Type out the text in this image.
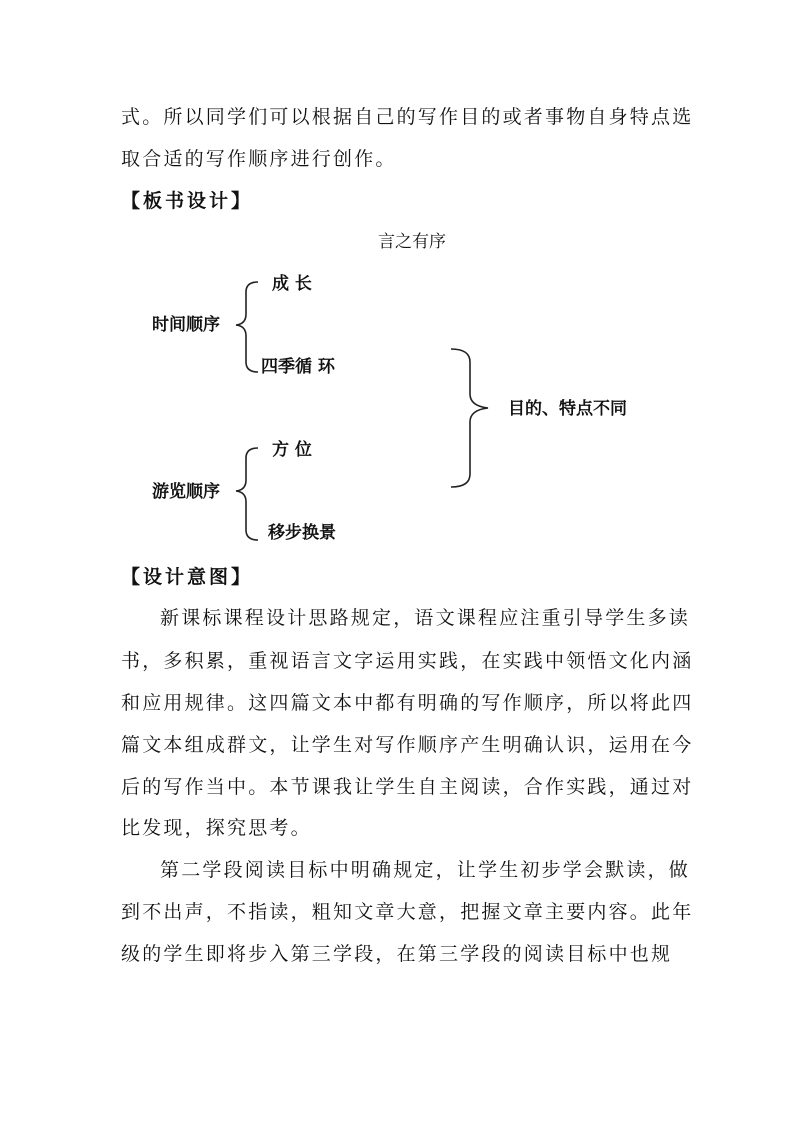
式。所以同学们可以根据自己的写作目的或者事物自身特点选
取合适的写作顺序进行创作。
【板书设计】
言之有序
时间顺序
成 长
四季循 环
游览顺序
方 位
移步换景
目的、特点不同
【设计意图】
新课标课程设计思路规定，语文课程应注重引导学生多读
书，多积累，重视语言文字运用实践，在实践中领悟文化内涵
和应用规律。这四篇文本中都有明确的写作顺序，所以将此四
篇文本组成群文，让学生对写作顺序产生明确认识，运用在今
后的写作当中。本节课我让学生自主阅读，合作实践，通过对
比发现，探究思考。
第二学段阅读目标中明确规定，让学生初步学会默读，做
到不出声，不指读，粗知文章大意，把握文章主要内容。此年
级的学生即将步入第三学段，在第三学段的阅读目标中也规
